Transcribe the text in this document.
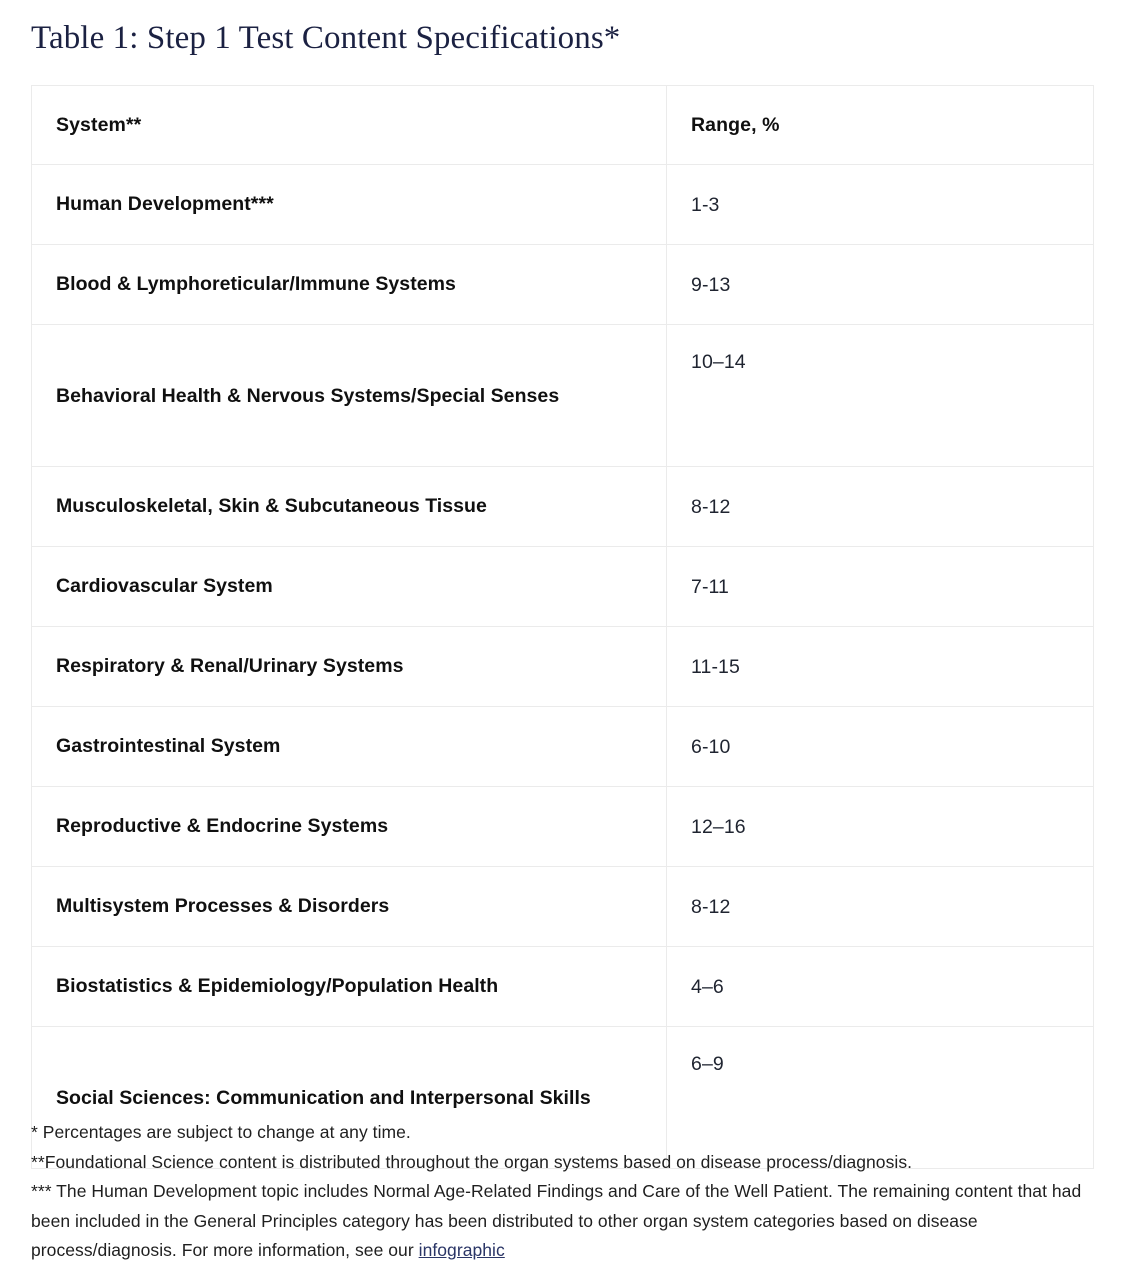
Table 1: Step 1 Test Content Specifications*
System**	Range, %
Human Development***	1-3
Blood & Lymphoreticular/Immune Systems	9-13
Behavioral Health & Nervous Systems/Special Senses	10–14
Musculoskeletal, Skin & Subcutaneous Tissue	8-12
Cardiovascular System	7-11
Respiratory & Renal/Urinary Systems	11-15
Gastrointestinal System	6-10
Reproductive & Endocrine Systems	12–16
Multisystem Processes & Disorders	8-12
Biostatistics & Epidemiology/Population Health	4–6
Social Sciences: Communication and Interpersonal Skills	6–9

* Percentages are subject to change at any time.

**Foundational Science content is distributed throughout the organ systems based on disease process/diagnosis.

*** The Human Development topic includes Normal Age-Related Findings and Care of the Well Patient. The remaining content that had been included in the General Principles category has been distributed to other organ system categories based on disease process/diagnosis. For more information, see our infographic
